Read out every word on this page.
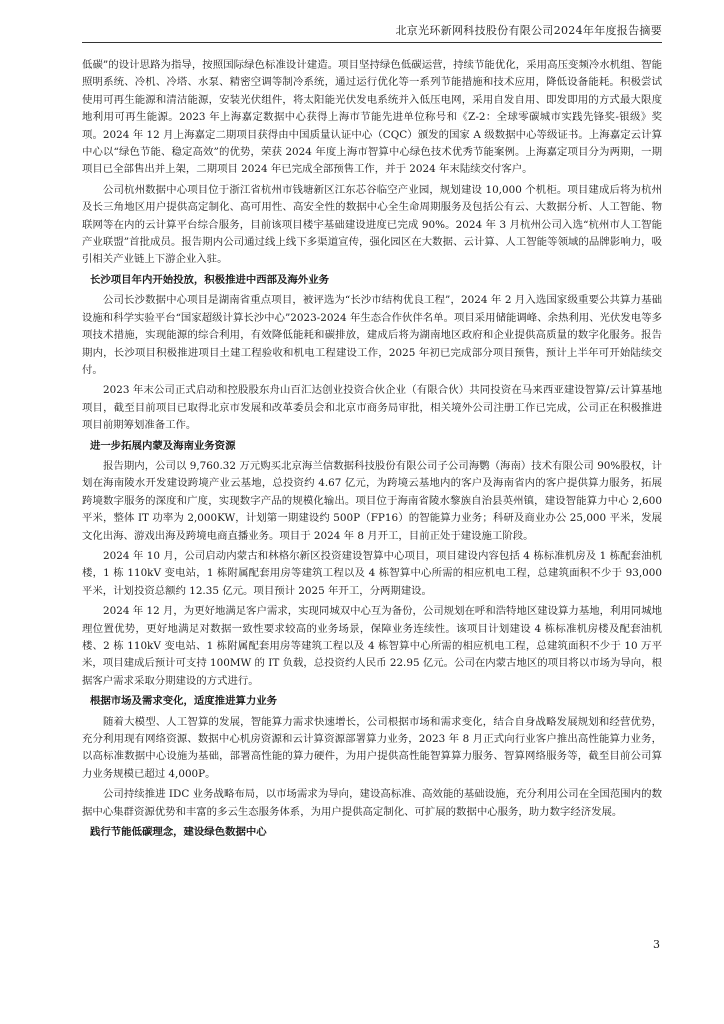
北京光环新网科技股份有限公司2024年年度报告摘要
低碳”的设计思路为指导，按照国际绿色标准设计建造。项目坚持绿色低碳运营，持续节能优化，采用高压变频冷水机组、智能照明系统、冷机、冷塔、水泵、精密空调等制冷系统，通过运行优化等一系列节能措施和技术应用，降低设备能耗。积极尝试使用可再生能源和清洁能源，安装光伏组件，将太阳能光伏发电系统并入低压电网，采用自发自用、即发即用的方式最大限度地利用可再生能源。2023 年上海嘉定数据中心获得上海市节能先进单位称号和《Z-2：全球零碳城市实践先锋奖-银级》奖项。2024 年 12 月上海嘉定二期项目获得由中国质量认证中心（CQC）颁发的国家 A 级数据中心等级证书。上海嘉定云计算中心以“绿色节能、稳定高效”的优势，荣获 2024 年度上海市智算中心绿色技术优秀节能案例。上海嘉定项目分为两期，一期项目已全部售出并上架，二期项目 2024 年已完成全部预售工作，并于 2024 年末陆续交付客户。
公司杭州数据中心项目位于浙江省杭州市钱塘新区江东芯谷临空产业园，规划建设 10,000 个机柜。项目建成后将为杭州及长三角地区用户提供高定制化、高可用性、高安全性的数据中心全生命周期服务及包括公有云、大数据分析、人工智能、物联网等在内的云计算平台综合服务，目前该项目楼宇基础建设进度已完成 90%。2024 年 3 月杭州公司入选“杭州市人工智能产业联盟”首批成员。报告期内公司通过线上线下多渠道宣传，强化园区在大数据、云计算、人工智能等领域的品牌影响力，吸引相关产业链上下游企业入驻。
长沙项目年内开始投放，积极推进中西部及海外业务
公司长沙数据中心项目是湖南省重点项目，被评选为“长沙市结构优良工程”，2024 年 2 月入选国家级重要公共算力基础设施和科学实验平台“国家超级计算长沙中心”2023-2024 年生态合作伙伴名单。项目采用储能调峰、余热利用、光伏发电等多项技术措施，实现能源的综合利用，有效降低能耗和碳排放，建成后将为湖南地区政府和企业提供高质量的数字化服务。报告期内，长沙项目积极推进项目土建工程验收和机电工程建设工作，2025 年初已完成部分项目预售，预计上半年可开始陆续交付。
2023 年末公司正式启动和控股股东舟山百汇达创业投资合伙企业（有限合伙）共同投资在马来西亚建设智算/云计算基地项目，截至目前项目已取得北京市发展和改革委员会和北京市商务局审批，相关境外公司注册工作已完成，公司正在积极推进项目前期筹划准备工作。
进一步拓展内蒙及海南业务资源
报告期内，公司以 9,760.32 万元购买北京海兰信数据科技股份有限公司子公司海鹦（海南）技术有限公司 90%股权，计划在海南陵水开发建设跨境产业云基地，总投资约 4.67 亿元，为跨境云基地内的客户及海南省内的客户提供算力服务，拓展跨境数字服务的深度和广度，实现数字产品的规模化输出。项目位于海南省陵水黎族自治县英州镇，建设智能算力中心 2,600 平米，整体 IT 功率为 2,000KW，计划第一期建设约 500P（FP16）的智能算力业务；科研及商业办公 25,000 平米，发展文化出海、游戏出海及跨境电商直播业务。项目于 2024 年 8 月开工，目前正处于建设施工阶段。
2024 年 10 月，公司启动内蒙古和林格尔新区投资建设智算中心项目，项目建设内容包括 4 栋标准机房及 1 栋配套油机楼，1 栋 110kV 变电站，1 栋附属配套用房等建筑工程以及 4 栋智算中心所需的相应机电工程，总建筑面积不少于 93,000 平米，计划投资总额约 12.35 亿元。项目预计 2025 年开工，分两期建设。
2024 年 12 月，为更好地满足客户需求，实现同城双中心互为备份，公司规划在呼和浩特地区建设算力基地，利用同城地理位置优势，更好地满足对数据一致性要求较高的业务场景，保障业务连续性。该项目计划建设 4 栋标准机房楼及配套油机楼、2 栋 110kV 变电站、1 栋附属配套用房等建筑工程以及 4 栋智算中心所需的相应机电工程，总建筑面积不少于 10 万平米，项目建成后预计可支持 100MW 的 IT 负载，总投资约人民币 22.95 亿元。公司在内蒙古地区的项目将以市场为导向，根据客户需求采取分期建设的方式进行。
根据市场及需求变化，适度推进算力业务
随着大模型、人工智算的发展，智能算力需求快速增长，公司根据市场和需求变化，结合自身战略发展规划和经营优势，充分利用现有网络资源、数据中心机房资源和云计算资源部署算力业务，2023 年 8 月正式向行业客户推出高性能算力业务，以高标准数据中心设施为基础，部署高性能的算力硬件，为用户提供高性能智算算力服务、智算网络服务等，截至目前公司算力业务规模已超过 4,000P。
公司持续推进 IDC 业务战略布局，以市场需求为导向，建设高标准、高效能的基础设施，充分利用公司在全国范围内的数据中心集群资源优势和丰富的多云生态服务体系，为用户提供高定制化、可扩展的数据中心服务，助力数字经济发展。
践行节能低碳理念，建设绿色数据中心
3
